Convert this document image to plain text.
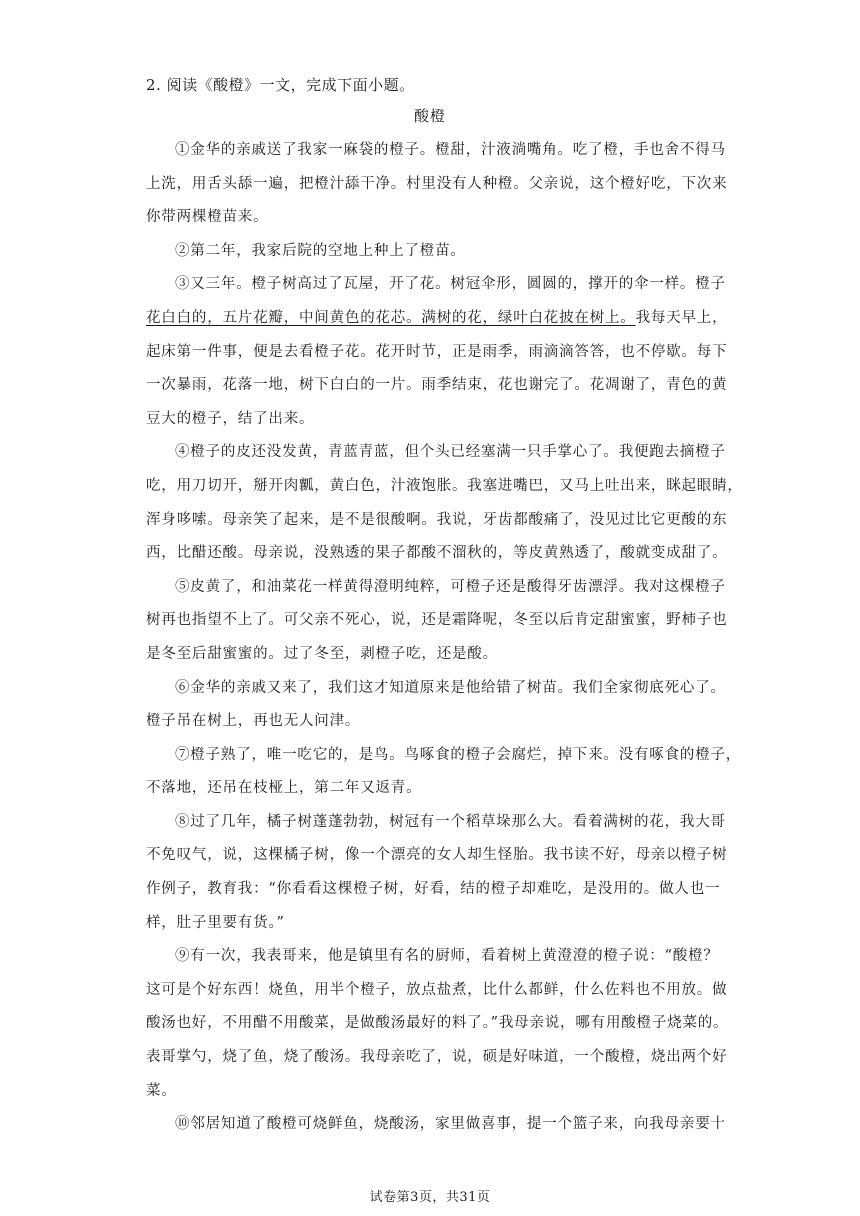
2. 阅读《酸橙》一文，完成下面小题。
酸橙
①金华的亲戚送了我家一麻袋的橙子。橙甜，汁液淌嘴角。吃了橙，手也舍不得马
上洗，用舌头舔一遍，把橙汁舔干净。村里没有人种橙。父亲说，这个橙好吃，下次来
你带两棵橙苗来。
②第二年，我家后院的空地上种上了橙苗。
③又三年。橙子树高过了瓦屋，开了花。树冠伞形，圆圆的，撑开的伞一样。橙子
花白白的，五片花瓣，中间黄色的花芯。满树的花，绿叶白花披在树上。我每天早上，
起床第一件事，便是去看橙子花。花开时节，正是雨季，雨滴滴答答，也不停歇。每下
一次暴雨，花落一地，树下白白的一片。雨季结束，花也谢完了。花凋谢了，青色的黄
豆大的橙子，结了出来。
④橙子的皮还没发黄，青蓝青蓝，但个头已经塞满一只手掌心了。我便跑去摘橙子
吃，用刀切开，掰开肉瓤，黄白色，汁液饱胀。我塞进嘴巴，又马上吐出来，眯起眼睛，
浑身哆嗦。母亲笑了起来，是不是很酸啊。我说，牙齿都酸痛了，没见过比它更酸的东
西，比醋还酸。母亲说，没熟透的果子都酸不溜秋的，等皮黄熟透了，酸就变成甜了。
⑤皮黄了，和油菜花一样黄得澄明纯粹，可橙子还是酸得牙齿漂浮。我对这棵橙子
树再也指望不上了。可父亲不死心，说，还是霜降呢，冬至以后肯定甜蜜蜜，野柿子也
是冬至后甜蜜蜜的。过了冬至，剥橙子吃，还是酸。
⑥金华的亲戚又来了，我们这才知道原来是他给错了树苗。我们全家彻底死心了。
橙子吊在树上，再也无人问津。
⑦橙子熟了，唯一吃它的，是鸟。鸟啄食的橙子会腐烂，掉下来。没有啄食的橙子，
不落地，还吊在枝桠上，第二年又返青。
⑧过了几年，橘子树蓬蓬勃勃，树冠有一个稻草垛那么大。看着满树的花，我大哥
不免叹气，说，这棵橘子树，像一个漂亮的女人却生怪胎。我书读不好，母亲以橙子树
作例子，教育我：“你看看这棵橙子树，好看，结的橙子却难吃，是没用的。做人也一
样，肚子里要有货。”
⑨有一次，我表哥来，他是镇里有名的厨师，看着树上黄澄澄的橙子说：“酸橙？
这可是个好东西！烧鱼，用半个橙子，放点盐煮，比什么都鲜，什么佐料也不用放。做
酸汤也好，不用醋不用酸菜，是做酸汤最好的料了。”我母亲说，哪有用酸橙子烧菜的。
表哥掌勺，烧了鱼，烧了酸汤。我母亲吃了，说，硕是好味道，一个酸橙，烧出两个好
菜。
⑩邻居知道了酸橙可烧鲜鱼，烧酸汤，家里做喜事，提一个篮子来，向我母亲要十
试卷第3页，共31页
